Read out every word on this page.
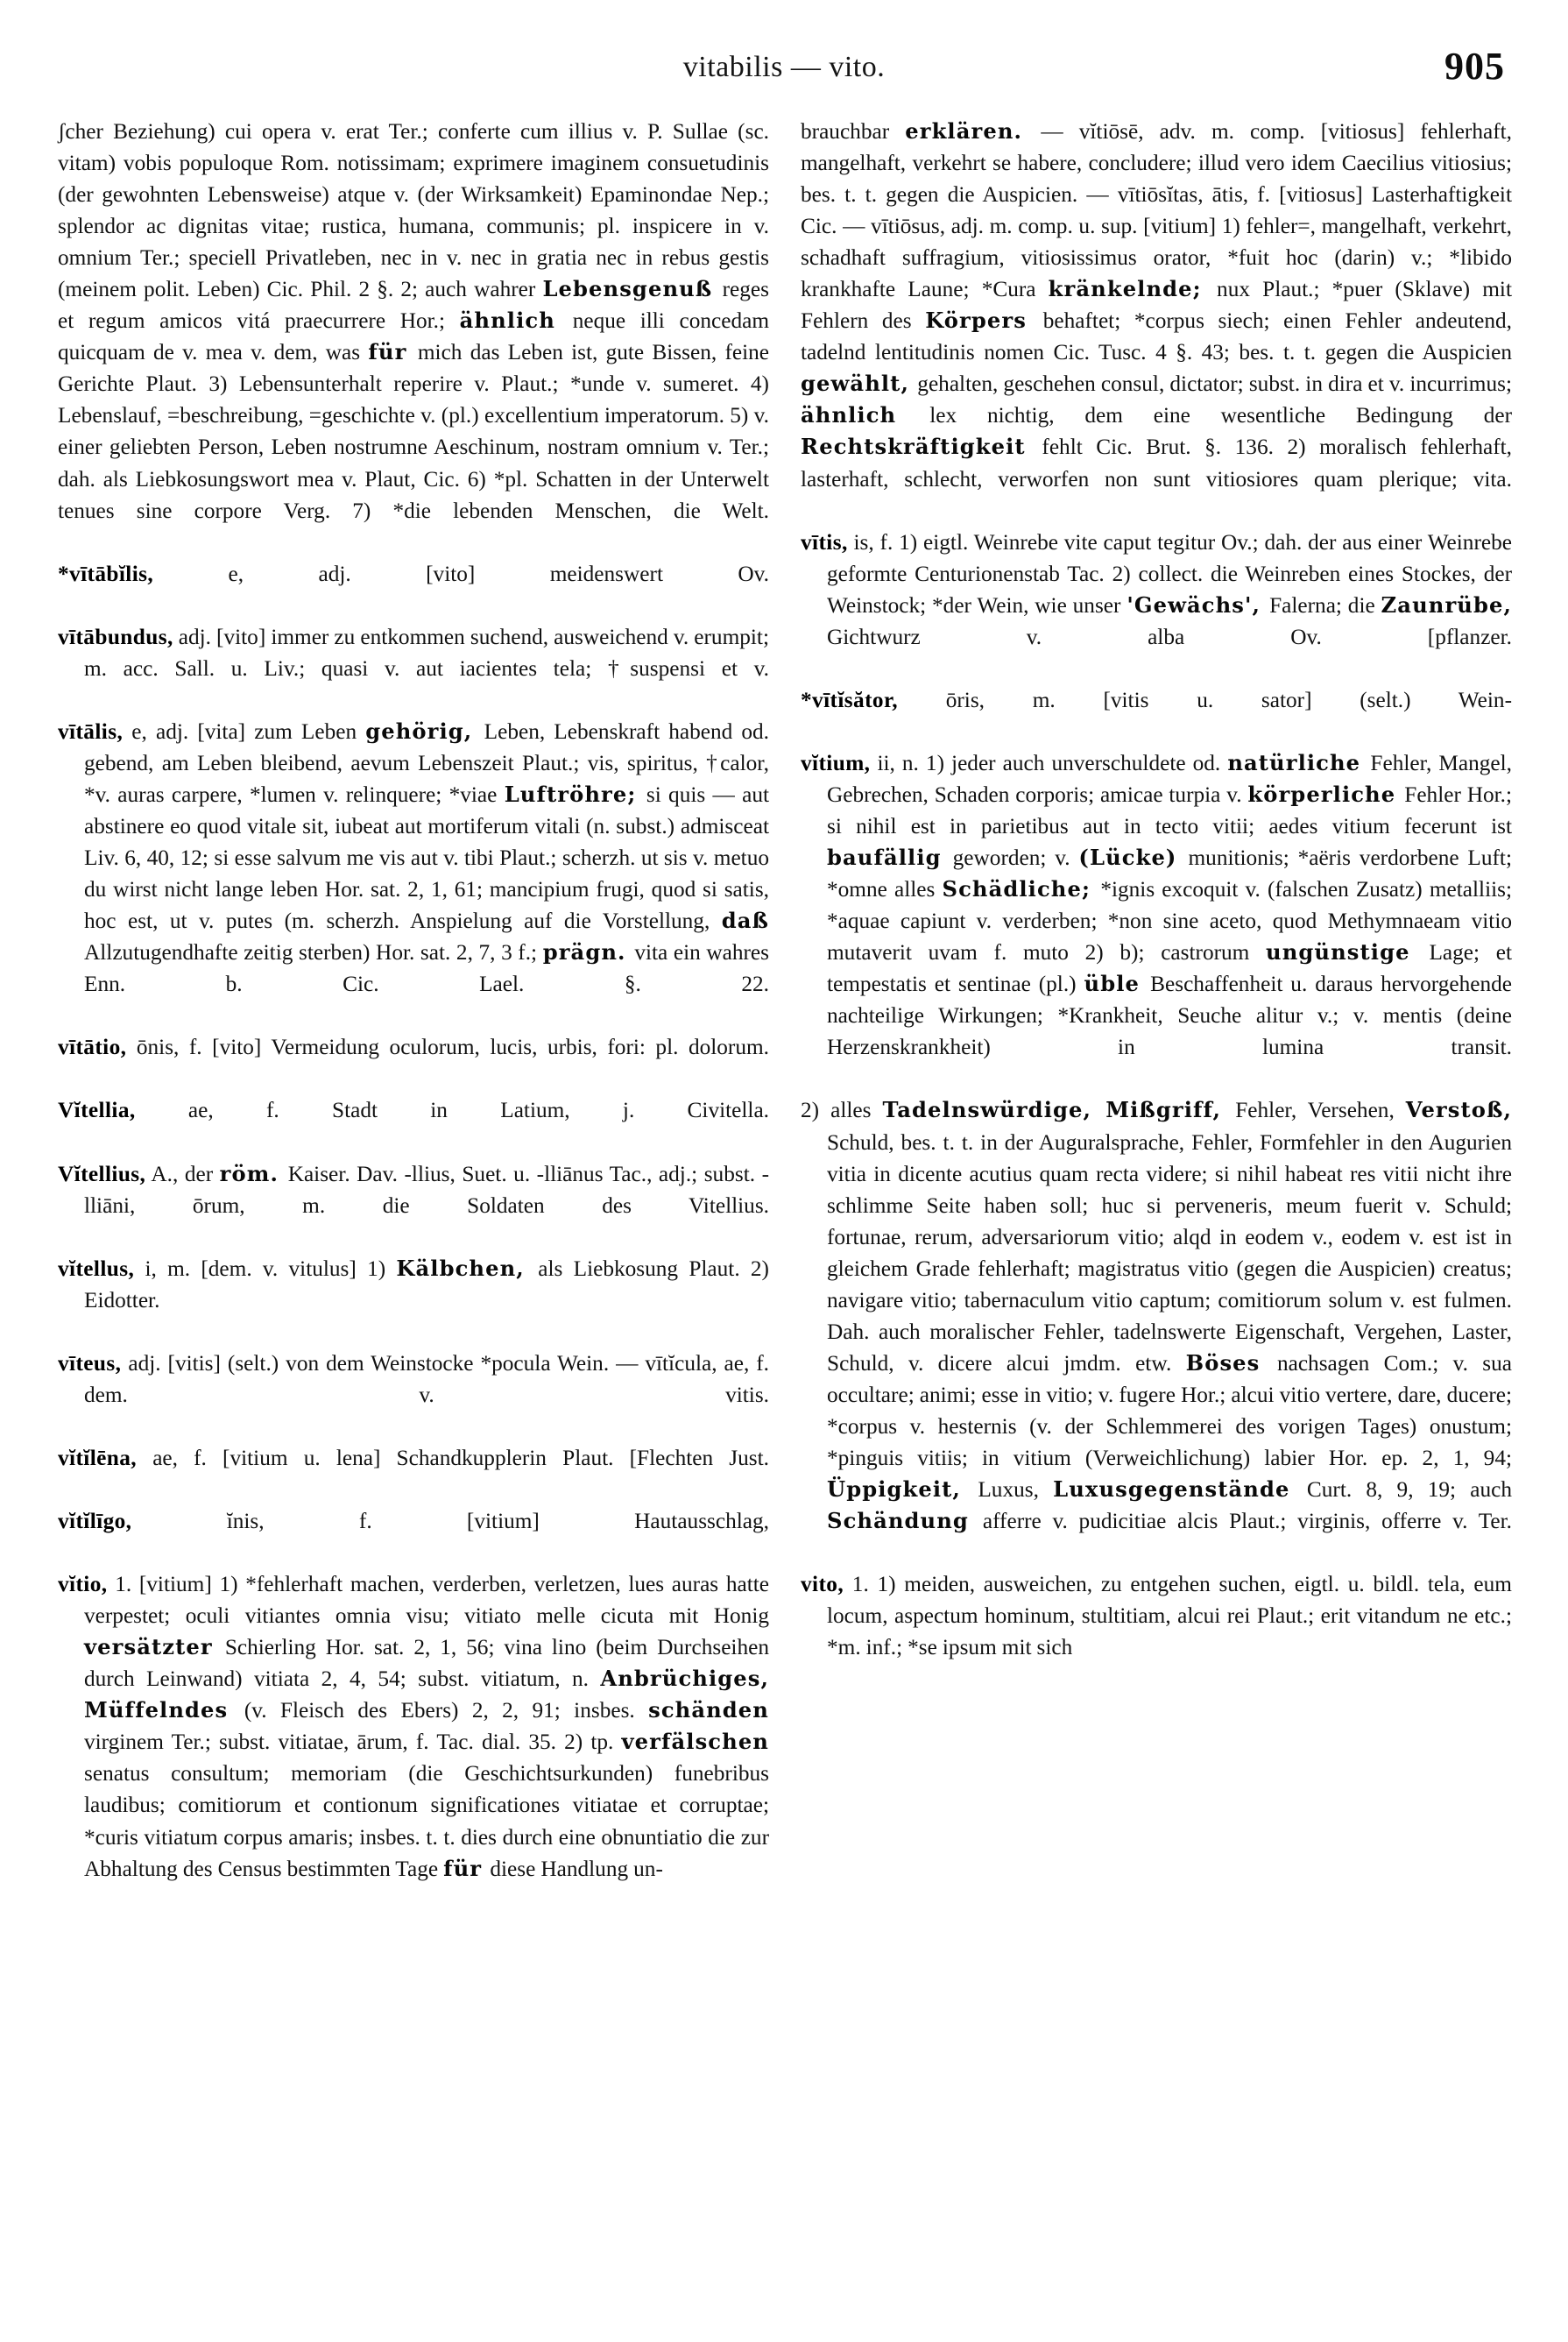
vitabilis — vito.	905

ʃcher Beziehung) cui opera v. erat Ter.; conferte cum illius v. P. Sullae (sc. vitam) vobis populoque Rom. notissimam; exprimere imaginem consuetudinis (der gewohnten Lebensweise) atque v. (der Wirksamkeit) Epaminondae Nep.; splendor ac dignitas vitae; rustica, humana, communis; pl. inspicere in v. omnium Ter.; speciell Privatleben, nec in v. nec in gratia nec in rebus gestis (meinem polit. Leben) Cic. Phil. 2 §. 2; auch wahrer Lebensgenuß reges et regum amicos vitá praecurrere Hor.; ähnlich neque illi concedam quicquam de v. mea v. dem, was für mich das Leben ist, gute Bissen, feine Gerichte Plaut. 3) Lebensunterhalt reperire v. Plaut.; *unde v. sumeret. 4) Lebenslauf, =beschreibung, =geschichte v. (pl.) excellentium imperatorum. 5) v. einer geliebten Person, Leben nostrumne Aeschinum, nostram omnium v. Ter.; dah. als Liebkosungswort mea v. Plaut, Cic. 6) *pl. Schatten in der Unterwelt tenues sine corpore Verg. 7) *die lebenden Menschen, die Welt.

*vītābĭlis, e, adj. [vito] meidenswert Ov.

vītābundus, adj. [vito] immer zu entkommen suchend, ausweichend v. erumpit; m. acc. Sall. u. Liv.; quasi v. aut iacientes tela; †suspensi et v.

vītālis, e, adj. [vita] zum Leben gehörig, Leben, Lebenskraft habend od. gebend, am Leben bleibend, aevum Lebenszeit Plaut.; vis, spiritus, †calor, *v. auras carpere, *lumen v. relinquere; *viae Luftröhre; si quis — aut abstinere eo quod vitale sit, iubeat aut mortiferum vitali (n. subst.) admisceat Liv. 6, 40, 12; si esse salvum me vis aut v. tibi Plaut.; scherzh. ut sis v. metuo du wirst nicht lange leben Hor. sat. 2, 1, 61; mancipium frugi, quod si satis, hoc est, ut v. putes (m. scherzh. Anspielung auf die Vorstellung, daß Allzutugendhafte zeitig sterben) Hor. sat. 2, 7, 3 f.; prägn. vita ein wahres Enn. b. Cic. Lael. §. 22.

vītātio, ōnis, f. [vito] Vermeidung oculorum, lucis, urbis, fori: pl. dolorum.

Vĭtellia, ae, f. Stadt in Latium, j. Civitella.

Vĭtellius, A., der röm. Kaiser. Dav. -llius, Suet. u. -lliānus Tac., adj.; subst. -lliāni, ōrum, m. die Soldaten des Vitellius.

vĭtellus, i, m. [dem. v. vitulus] 1) Kälbchen, als Liebkosung Plaut. 2) Eidotter.

vīteus, adj. [vitis] (selt.) von dem Weinstocke *pocula Wein. — vītĭcula, ae, f. dem. v. vitis.

vĭtĭlēna, ae, f. [vitium u. lena] Schandkupplerin Plaut. [Flechten Just.

vĭtĭlīgo, ĭnis, f. [vitium] Hautausschlag,

vĭtio, 1. [vitium] 1) *fehlerhaft machen, verderben, verletzen, lues auras hatte verpestet; oculi vitiantes omnia visu; vitiato melle cicuta mit Honig versätzter Schierling Hor. sat. 2, 1, 56; vina lino (beim Durchseihen durch Leinwand) vitiata 2, 4, 54; subst. vitiatum, n. Anbrüchiges, Müffelndes (v. Fleisch des Ebers) 2, 2, 91; insbes. schänden virginem Ter.; subst. vitiatae, ārum, f. Tac. dial. 35. 2) tp. verfälschen senatus consultum; memoriam (die Geschichtsurkunden) funebribus laudibus; comitiorum et contionum significationes vitiatae et corruptae; *curis vitiatum corpus amaris; insbes. t. t. dies durch eine obnuntiatio die zur Abhaltung des Census bestimmten Tage für diese Handlung un-

brauchbar erklären. — vĭtiōsē, adv. m. comp. [vitiosus] fehlerhaft, mangelhaft, verkehrt se habere, concludere; illud vero idem Caecilius vitiosius; bes. t. t. gegen die Auspicien. — vītiōsĭtas, ātis, f. [vitiosus] Lasterhaftigkeit Cic. — vītiōsus, adj. m. comp. u. sup. [vitium] 1) fehler=, mangelhaft, verkehrt, schadhaft suffragium, vitiosissimus orator, *fuit hoc (darin) v.; *libido krankhafte Laune; *Cura kränkelnde; nux Plaut.; *puer (Sklave) mit Fehlern des Körpers behaftet; *corpus siech; einen Fehler andeutend, tadelnd lentitudinis nomen Cic. Tusc. 4 §. 43; bes. t. t. gegen die Auspicien gewählt, gehalten, geschehen consul, dictator; subst. in dira et v. incurrimus; ähnlich lex nichtig, dem eine wesentliche Bedingung der Rechtskräftigkeit fehlt Cic. Brut. §. 136. 2) moralisch fehlerhaft, lasterhaft, schlecht, verworfen non sunt vitiosiores quam plerique; vita.

vītis, is, f. 1) eigtl. Weinrebe vite caput tegitur Ov.; dah. der aus einer Weinrebe geformte Centurionenstab Tac. 2) collect. die Weinreben eines Stockes, der Weinstock; *der Wein, wie unser 'Gewächs', Falerna; die Zaunrübe, Gichtwurz v. alba Ov. [pflanzer.

*vītĭsător, ōris, m. [vitis u. sator] (selt.) Wein-

vĭtium, ii, n. 1) jeder auch unverschuldete od. natürliche Fehler, Mangel, Gebrechen, Schaden corporis; amicae turpia v. körperliche Fehler Hor.; si nihil est in parietibus aut in tecto vitii; aedes vitium fecerunt ist baufällig geworden; v. (Lücke) munitionis; *aëris verdorbene Luft; *omne alles Schädliche; *ignis excoquit v. (falschen Zusatz) metalliis; *aquae capiunt v. verderben; *non sine aceto, quod Methymnaeam vitio mutaverit uvam f. muto 2) b); castrorum ungünstige Lage; et tempestatis et sentinae (pl.) üble Beschaffenheit u. daraus hervorgehende nachteilige Wirkungen; *Krankheit, Seuche alitur v.; v. mentis (deine Herzenskrankheit) in lumina transit.

2) alles Tadelnswürdige, Mißgriff, Fehler, Versehen, Verstoß, Schuld, bes. t. t. in der Auguralsprache, Fehler, Formfehler in den Augurien vitia in dicente acutius quam recta videre; si nihil habeat res vitii nicht ihre schlimme Seite haben soll; huc si perveneris, meum fuerit v. Schuld; fortunae, rerum, adversariorum vitio; alqd in eodem v., eodem v. est ist in gleichem Grade fehlerhaft; magistratus vitio (gegen die Auspicien) creatus; navigare vitio; tabernaculum vitio captum; comitiorum solum v. est fulmen. Dah. auch moralischer Fehler, tadelnswerte Eigenschaft, Vergehen, Laster, Schuld, v. dicere alcui jmdm. etw. Böses nachsagen Com.; v. sua occultare; animi; esse in vitio; v. fugere Hor.; alcui vitio vertere, dare, ducere; *corpus v. hesternis (v. der Schlemmerei des vorigen Tages) onustum; *pinguis vitiis; in vitium (Verweichlichung) labier Hor. ep. 2, 1, 94; Üppigkeit, Luxus, Luxusgegenstände Curt. 8, 9, 19; auch Schändung afferre v. pudicitiae alcis Plaut.; virginis, offerre v. Ter.

vito, 1. 1) meiden, ausweichen, zu entgehen suchen, eigtl. u. bildl. tela, eum locum, aspectum hominum, stultitiam, alcui rei Plaut.; erit vitandum ne etc.; *m. inf.; *se ipsum mit sich
